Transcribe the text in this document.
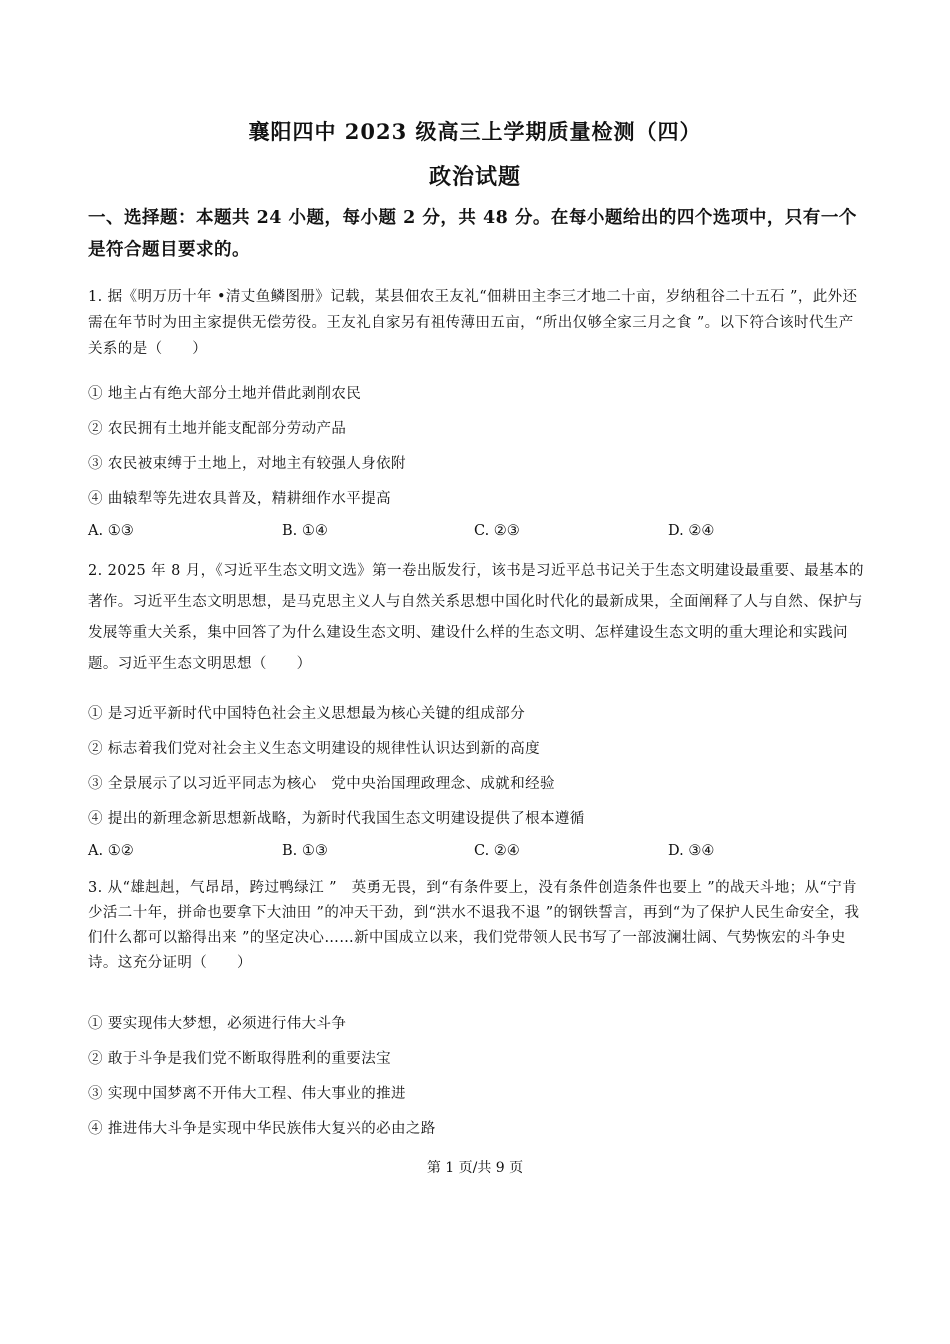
襄阳四中 2023 级高三上学期质量检测（四）
政治试题
一、选择题：本题共 24 小题，每小题 2 分，共 48 分。在每小题给出的四个选项中，只有一个是符合题目要求的。
1. 据《明万历十年 •清丈鱼鳞图册》记载，某县佃农王友礼“佃耕田主李三才地二十亩，岁纳租谷二十五石 ”，此外还需在年节时为田主家提供无偿劳役。王友礼自家另有祖传薄田五亩，“所出仅够全家三月之食 ”。以下符合该时代生产关系的是（　　）
① 地主占有绝大部分土地并借此剥削农民
② 农民拥有土地并能支配部分劳动产品
③ 农民被束缚于土地上，对地主有较强人身依附
④ 曲辕犁等先进农具普及，精耕细作水平提高
A. ①③	B. ①④	C. ②③	D. ②④
2. 2025 年 8 月，《习近平生态文明文选》第一卷出版发行，该书是习近平总书记关于生态文明建设最重要、最基本的著作。习近平生态文明思想，是马克思主义人与自然关系思想中国化时代化的最新成果，全面阐释了人与自然、保护与发展等重大关系，集中回答了为什么建设生态文明、建设什么样的生态文明、怎样建设生态文明的重大理论和实践问题。习近平生态文明思想（　　）
① 是习近平新时代中国特色社会主义思想最为核心关键的组成部分
② 标志着我们党对社会主义生态文明建设的规律性认识达到新的高度
③ 全景展示了以习近平同志为核心　党中央治国理政理念、成就和经验
④ 提出的新理念新思想新战略，为新时代我国生态文明建设提供了根本遵循
A. ①②	B. ①③	C. ②④	D. ③④
3. 从“雄赳赳，气昂昂，跨过鸭绿江 ”　英勇无畏，到“有条件要上，没有条件创造条件也要上 ”的战天斗地；从“宁肯少活二十年，拼命也要拿下大油田 ”的冲天干劲，到“洪水不退我不退 ”的钢铁誓言，再到“为了保护人民生命安全，我们什么都可以豁得出来 ”的坚定决心……新中国成立以来，我们党带领人民书写了一部波澜壮阔、气势恢宏的斗争史诗。这充分证明（　　）
① 要实现伟大梦想，必须进行伟大斗争
② 敢于斗争是我们党不断取得胜利的重要法宝
③ 实现中国梦离不开伟大工程、伟大事业的推进
④ 推进伟大斗争是实现中华民族伟大复兴的必由之路
第 1 页/共 9 页
